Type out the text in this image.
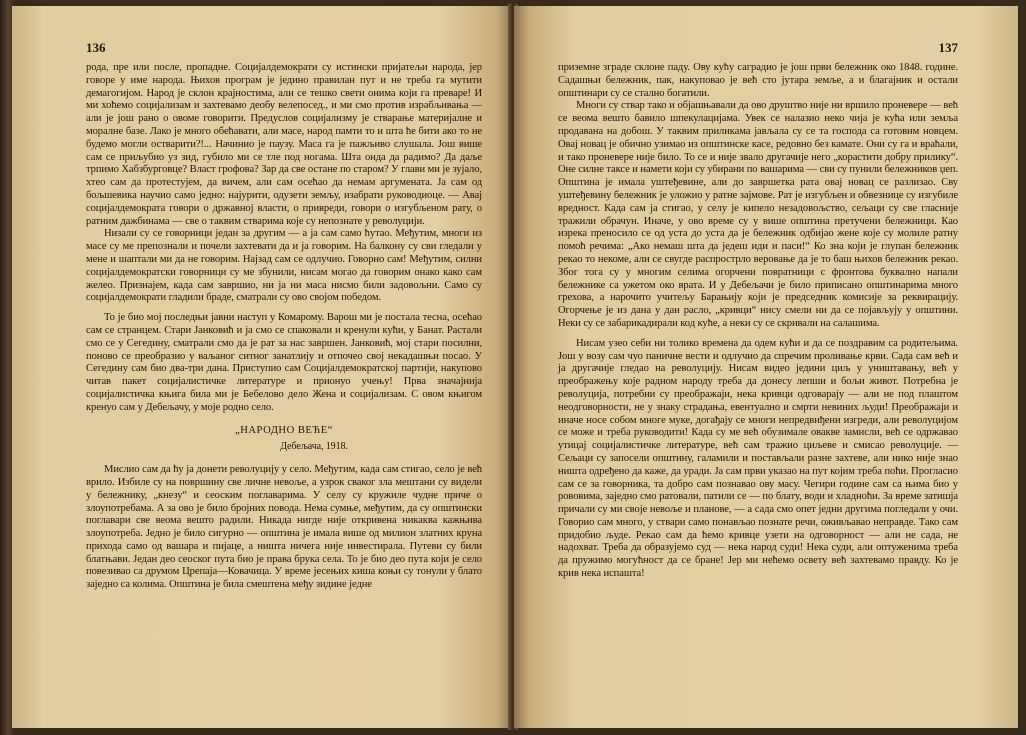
136

рода, пре или после, пропадне. Социјалдемократи су истински пријатељи народа, јер говоре у име народа. Њихов програм је једино правилан пут и не треба га мутити демагогијом. Народ је склон крајностима, али се тешко свети онима који га преваре! И ми хоћемо социјализам и захтевамо деобу велепосед., и ми смо против израбљивања — али је још рано о овоме говорити. Предуслов социјализму је стварање материјалне и моралне базе. Лако је много обећавати, али масе, народ памти то и шта ће бити ако то не будемо могли остварити?!... Начинио је паузу. Маса га је пажљиво слушала. Још више сам се приљубио уз зид, губило ми се тле под ногама. Шта онда да радимо? Да даље трпимо Хабзбурговце? Власт грофова? Зар да све остане по старом? У глави ми је зујало, хтео сам да протестујем, да вичем, али сам осећао да немам аргумената. Ја сам од бољшевика научио само једно: најурити, одузети земљу, изабрати руководиоце. — Авај социјалдемократа говори о државној власти, о привреди, говори о изгубљеном рату, о ратним дажбинама — све о таквим стварима које су непознате у револуцији.

Низали су се говорници један за другим — а ја сам само ћутао. Међутим, многи из масе су ме препознали и почели захтевати да и ја говорим. На балкону су сви гледали у мене и шаптали ми да не говорим. Најзад сам се одлучио. Говорно сам! Међутим, силни социјалдемократски говорници су ме збунили, нисам могао да говорим онако како сам желео. Признајем, када сам завршио, ни ја ни маса нисмо били задовољни. Само су социјалдемократи гладили браде, сматрали су ово својом победом.

То је био мој последњи јавни наступ у Комарому. Варош ми је постала тесна, осећао сам се странцем. Стари Јанковић и ја смо се спаковали и кренули кући, у Банат. Растали смо се у Сегедину, сматрали смо да је рат за нас завршен. Јанковић, мој стари посилни, поново се преобразио у ваљаног ситног занатлију и отпочео свој некадашњи посао. У Сегедину сам био два-три дана. Приступио сам Социјалдемократској партији, накупово читав пакет социјалистичке литературе и прионуо учењу! Прва значајнија социјалистичка књига била ми је Бебелово дело Жена и социјализам. С овом књигом кренуо сам у Дебељачу, у моје родно село.

„НАРОДНО ВЕЋЕ“
Дебељача, 1918.

Мислио сам да ћу ја донети револуцију у село. Међутим, када сам стигао, село је већ врило. Избиле су на површину све личне невоље, а узрок сваког зла мештани су видели у бележнику, „кнезу“ и сеоским поглаварима. У селу су кружиле чудне приче о злоупотребама. А за ово је било бројних повода. Нема сумње, међутим, да су општински поглавари све веома вешто радили. Никада нигде није откривена никаква кажњива злоупотреба. Једно је било сигурно — општина је имала више од милион златних круна прихода само од вашара и пијаце, а ништа ничега није инвестирала. Путеви су били блатњави. Један део сеоског пута био је права брука села. То је био део пута који је село повезивао са друмом Црепаја—Ковачица. У време јесењих киша коњи су тонули у блато заједно са колима. Општина је била смештена међу зидине једне

137

приземне зграде склоне паду. Ову кућу саградио је још први бележник око 1848. године. Садашњи бележник, пак, накуповао је већ сто јутара земље, а и благајник и остали општинари су се стално богатили.

Многи су ствар тако и објашњавали да ово друштво није ни вршило проневере — већ се веома вешто бавило шпекулацијама. Увек се налазио неко чија је кућа или земља продавана на добош. У таквим приликама јављала су се та господа са готовим новцем. Овај новац је обично узимао из општинске касе, редовно без камате. Они су га и враћали, и тако проневере није било. То се и није звало другачије него „корастити добру прилику“. Оне силне таксе и намети који су убирани по вашарима — сви су пунили бележников џеп. Општина је имала уштеђевине, али до завршетка рата овај новац се разлизао. Сву уштеђевину бележник је уложио у ратне зајмове. Рат је изгубљен и обвезнице су изгубиле вредност. Када сам ја стигао, у селу је кипело незадовољство, сељаци су све гласније тражили обрачун. Иначе, у ово време су у више општина претучени бележници. Као изрека преносило се од уста до уста да је бележник одбијао жене које су молиле ратну помоћ речима: „Ако немаш шта да једеш иди и паси!“ Ко зна који је глупан бележник рекао то некоме, али се свугде распрострло веровање да је то баш њихов бележник рекао. Због тога су у многим селима огорчени повратници с фронтова буквално напали бележнике са ужетом око врата. И у Дебељачи је било приписано општинарима много грехова, а нарочито учитељу Барањију који је председник комисије за реквирацију. Огорчење је из дана у дан расло, „кривци“ нису смели ни да се појављују у општини. Неки су се забарикадирали код куће, а неки су се скривали на салашима.

Нисам узео себи ни толико времена да одем кући и да се поздравим са родитељима. Још у возу сам чуо паничне вести и одлучио да спречим проливање крви. Сада сам већ и ја другачије гледао на револуцију. Нисам видео једини циљ у уништавању, већ у преображењу које радном народу треба да донесу лепши и бољи живот. Потребна је револуција, потребни су преображаји, нека кривци одговарају — али не под плаштом неодговорности, не у знаку страдања, евентуално и смрти невиних људи! Преображаји и иначе носе собом многе муке, догађају се многи непредвиђени изгреди, али револуцијом се може и треба руководити! Када су ме већ обузимале овакве замисли, већ се одржавао утицај социјалистичке литературе, већ сам тражио циљеве и смисао револуције. — Сељаци су запосели општину, галамили и постављали разне захтеве, али нико није знао ништа одређено да каже, да уради. Ја сам први указао на пут којим треба поћи. Прогласио сам се за говорника, та добро сам познавао ову масу. Чегири године сам са њима био у рововима, заједно смо ратовали, патили се — по блату, води и хладноћи. За време затишја причали су ми своје невоље и планове, — а сада смо опет једни другима погледали у очи. Говорио сам много, у ствари само понављао познате речи, оживљавао неправде. Тако сам придобио људе. Рекао сам да ћемо кривце узети на одговорност — али не сада, не надохват. Треба да образујемо суд — нека народ суди! Нека суди, али оптуженима треба да пружимо могућност да се бране! Јер ми нећемо освету већ захтевамо правду. Ко је крив нека испашта!
